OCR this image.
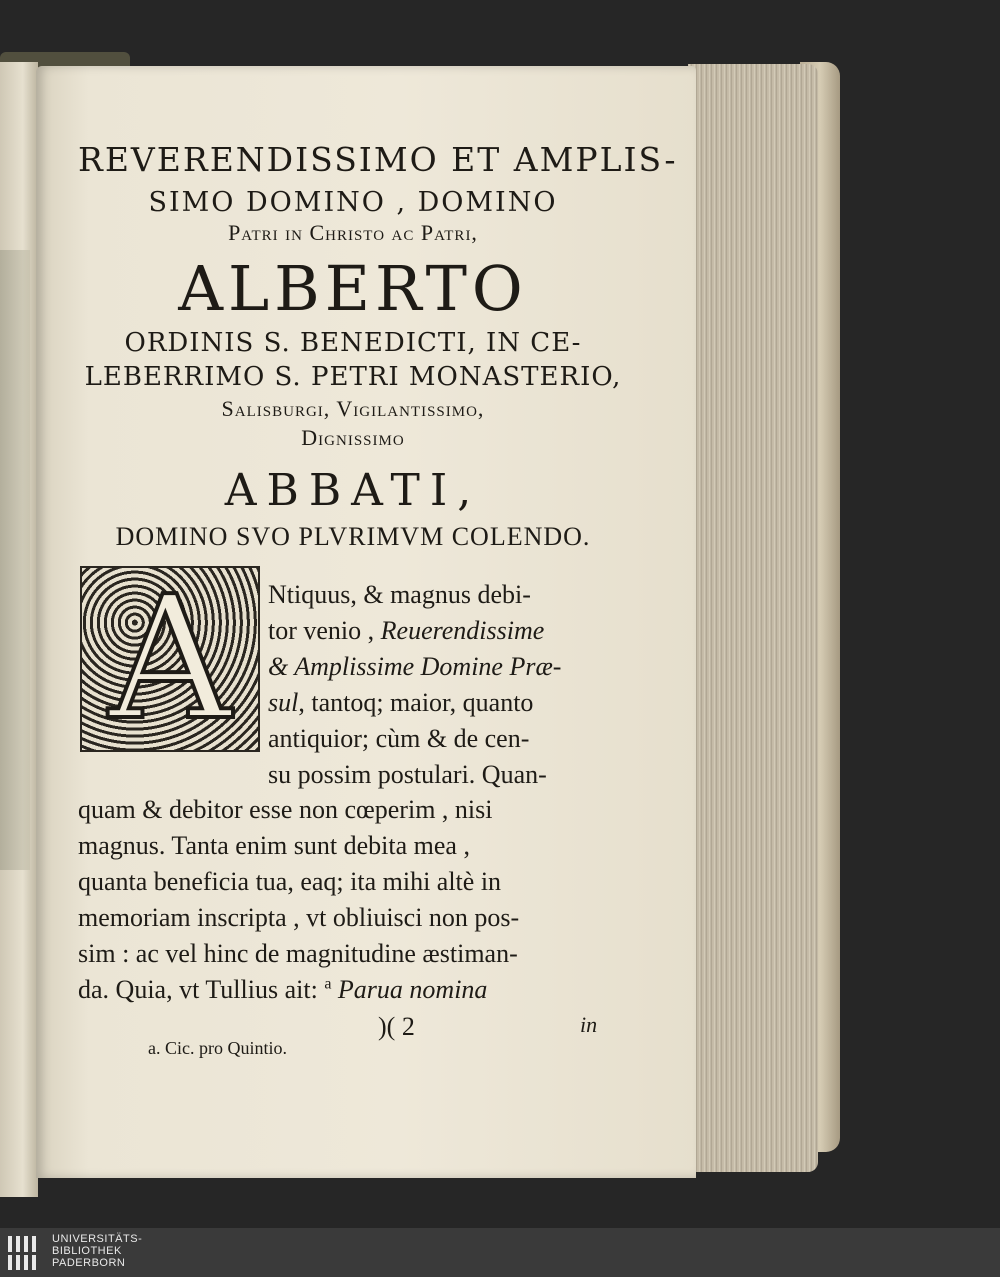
REVERENDISSIMO ET AMPLIS-
SIMO DOMINO , DOMINO
Patri in Christo ac Patri,
ALBERTO
ORDINIS S. BENEDICTI, IN CE-
LEBERRIMO S. PETRI MONASTERIO,
Salisburgi, Vigilantissimo,
Dignissimo
ABBATI,
DOMINO SVO PLVRIMVM COLENDO.
A	Ntiquus, & magnus debi-
tor venio , Reuerendissime
& Amplissime Domine Præ-
sul, tantoq; maior, quanto
antiquior; cùm & de cen-
su possim postulari. Quan-
quam & debitor esse non cœperim , nisi
magnus. Tanta enim sunt debita mea ,
quanta beneficia tua, eaq; ita mihi altè in
memoriam inscripta , vt obliuisci non pos-
sim : ac vel hinc de magnitudine æstiman-
da. Quia, vt Tullius ait: $^a$ Parua nomina
)( 2	in
a. Cic. pro Quintio.
UNIVERSITÄTS-
BIBLIOTHEK
PADERBORN
